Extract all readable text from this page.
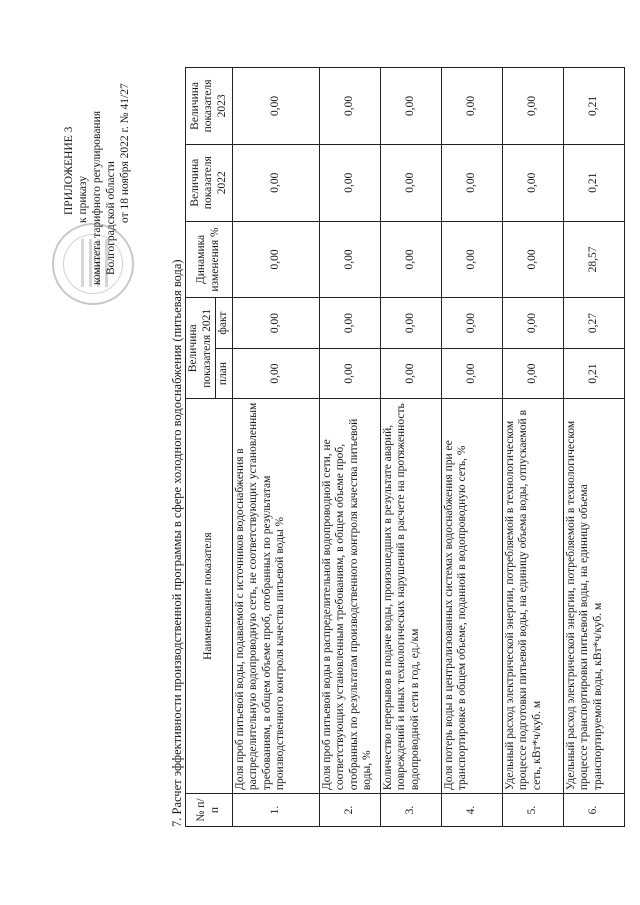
ПРИЛОЖЕНИЕ 3 к приказу комитета тарифного регулирования Волгоградской области от 18 ноября 2022 г. № 41/27
7. Расчет эффективности производственной программы в сфере холодного водоснабжения (питьевая вода) № п/п	Наименование показателя	Величина показателя 2021		Динамика изменения %	Величина показателя 2022	Величина показателя 2023
		план	факт			
1.	Доля проб питьевой воды, подаваемой с источников водоснабжения в распределительную водопроводную сеть, не соответствующих установленным требованиям, в общем объеме проб, отобранных по результатам производственного контроля качества питьевой воды %	0,00	0,00	0,00	0,00	0,00
2.	Доля проб питьевой воды в распределительной водопроводной сети, не соответствующих установленным требованиям, в общем объеме проб, отобранных по результатам производственного контроля качества питьевой воды, %	0,00	0,00	0,00	0,00	0,00
3.	Количество перерывов в подаче воды, произошедших в результате аварий, повреждений и иных технологических нарушений в расчете на протяженность водопроводной сети в год, ед./км	0,00	0,00	0,00	0,00	0,00
4.	Доля потерь воды в централизованных системах водоснабжения при ее транспортировке в общем объеме, поданной в водопроводную сеть, %	0,00	0,00	0,00	0,00	0,00
5.	Удельный расход электрической энергии, потребляемой в технологическом процессе подготовки питьевой воды, на единицу объема воды, отпускаемой в сеть, кВт*ч/куб. м	0,00	0,00	0,00	0,00	0,00
6.	Удельный расход электрической энергии, потребляемой в технологическом процессе транспортировки питьевой воды, на единицу объема транспортируемой воды, кВт*ч/куб. м	0,21	0,27	28,57	0,21	0,21
